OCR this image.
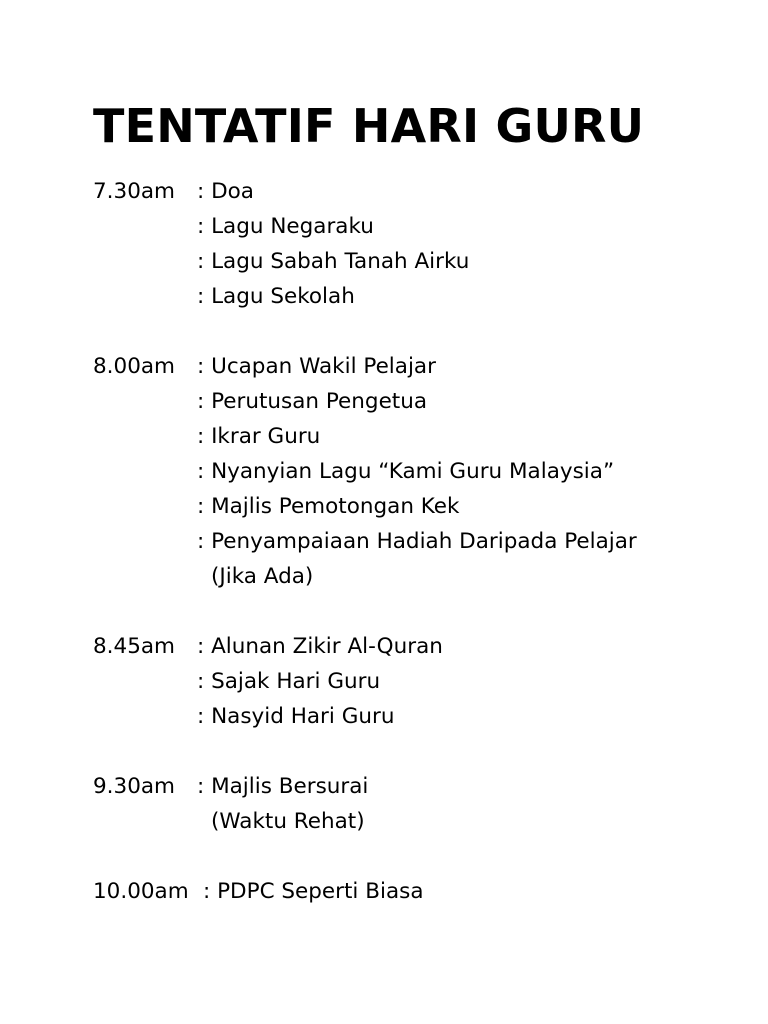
TENTATIF HARI GURU
7.30am	: Doa
: Lagu Negaraku
: Lagu Sabah Tanah Airku
: Lagu Sekolah
8.00am	: Ucapan Wakil Pelajar
: Perutusan Pengetua
: Ikrar Guru
: Nyanyian Lagu “Kami Guru Malaysia”
: Majlis Pemotongan Kek
: Penyampaiaan Hadiah Daripada Pelajar
(Jika Ada)
8.45am	: Alunan Zikir Al-Quran
: Sajak Hari Guru
: Nasyid Hari Guru
9.30am	: Majlis Bersurai
(Waktu Rehat)
10.00am : PDPC Seperti Biasa
